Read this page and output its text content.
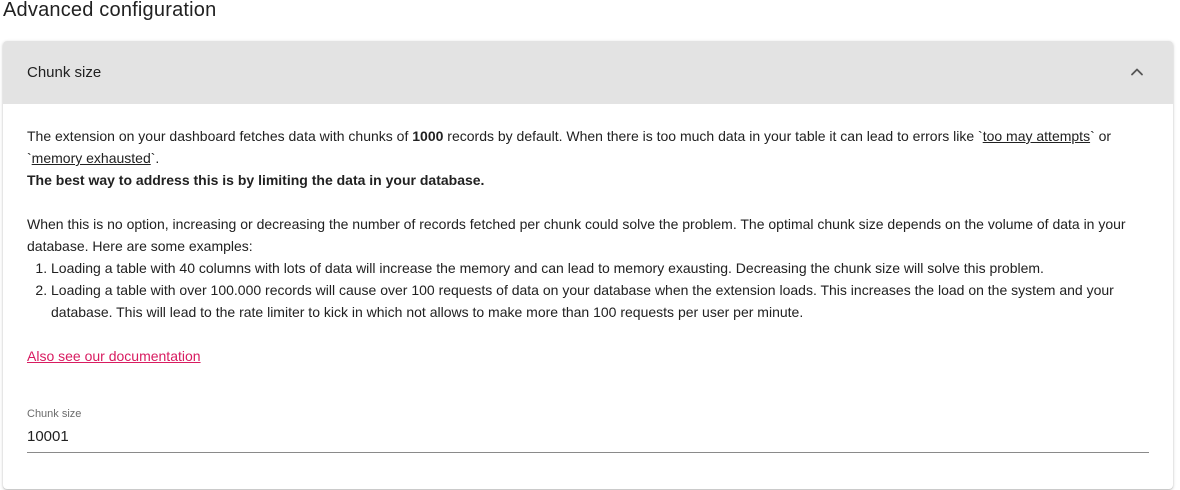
Advanced configuration
Chunk size

The extension on your dashboard fetches data with chunks of 1000 records by default. When there is too much data in your table it can lead to errors like `too may attempts` or `memory exhausted`.

The best way to address this is by limiting the data in your database.

When this is no option, increasing or decreasing the number of records fetched per chunk could solve the problem. The optimal chunk size depends on the volume of data in your database. Here are some examples:

1. Loading a table with 40 columns with lots of data will increase the memory and can lead to memory exausting. Decreasing the chunk size will solve this problem.
2. Loading a table with over 100.000 records will cause over 100 requests of data on your database when the extension loads. This increases the load on the system and your database. This will lead to the rate limiter to kick in which not allows to make more than 100 requests per user per minute.
Also see our documentation
Chunk size
10001
